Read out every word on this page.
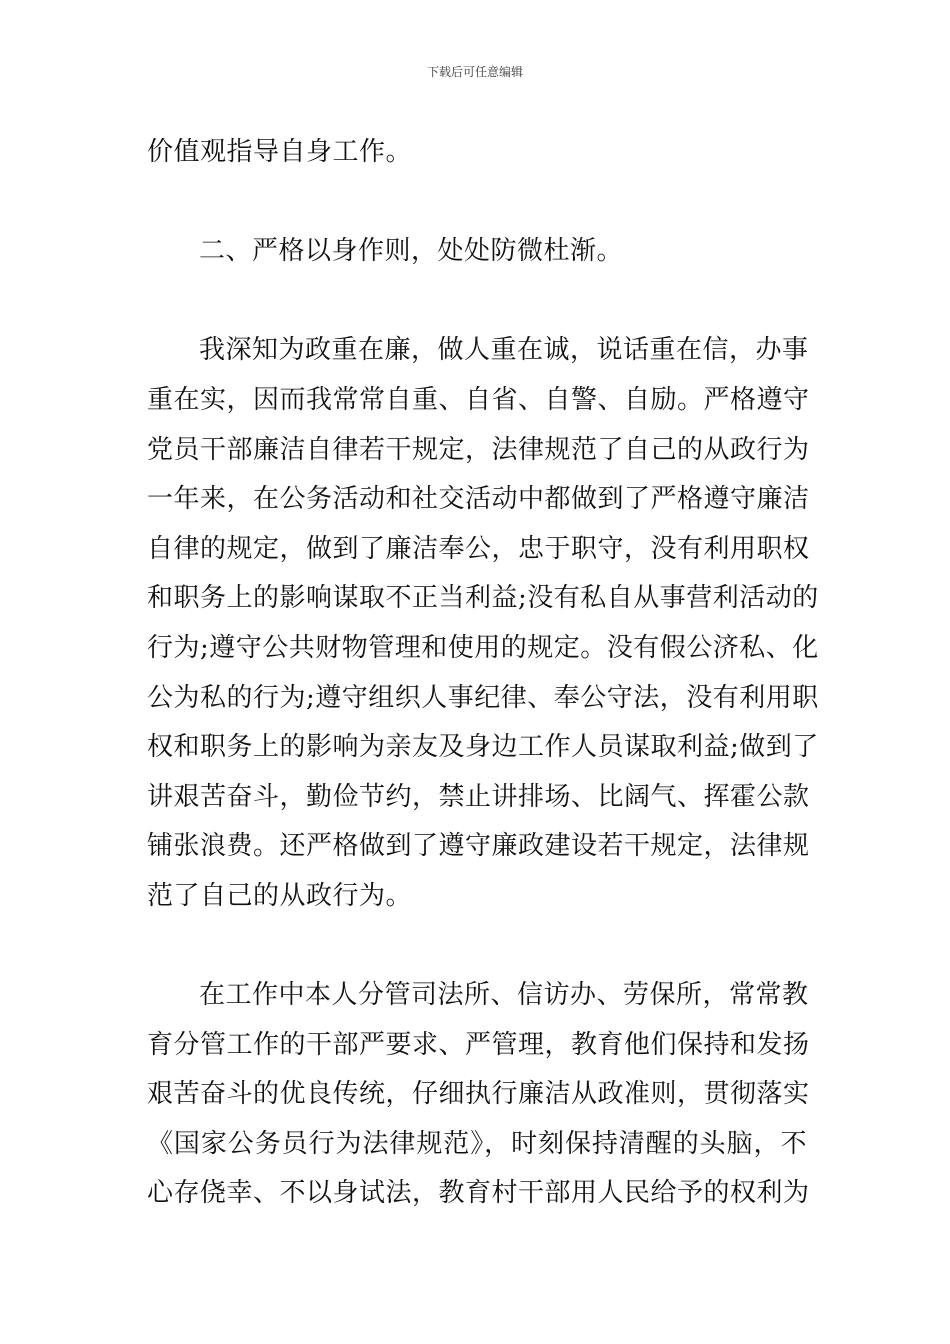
下载后可任意编辑
价值观指导自身工作。
二、严格以身作则，处处防微杜渐。
我深知为政重在廉，做人重在诚，说话重在信，办事
重在实，因而我常常自重、自省、自警、自励。严格遵守
党员干部廉洁自律若干规定，法律规范了自己的从政行为
一年来，在公务活动和社交活动中都做到了严格遵守廉洁
自律的规定，做到了廉洁奉公，忠于职守，没有利用职权
和职务上的影响谋取不正当利益;没有私自从事营利活动的
行为;遵守公共财物管理和使用的规定。没有假公济私、化
公为私的行为;遵守组织人事纪律、奉公守法，没有利用职
权和职务上的影响为亲友及身边工作人员谋取利益;做到了
讲艰苦奋斗，勤俭节约，禁止讲排场、比阔气、挥霍公款
铺张浪费。还严格做到了遵守廉政建设若干规定，法律规
范了自己的从政行为。
在工作中本人分管司法所、信访办、劳保所，常常教
育分管工作的干部严要求、严管理，教育他们保持和发扬
艰苦奋斗的优良传统，仔细执行廉洁从政准则，贯彻落实
《国家公务员行为法律规范》，时刻保持清醒的头脑，不
心存侥幸、不以身试法，教育村干部用人民给予的权利为
